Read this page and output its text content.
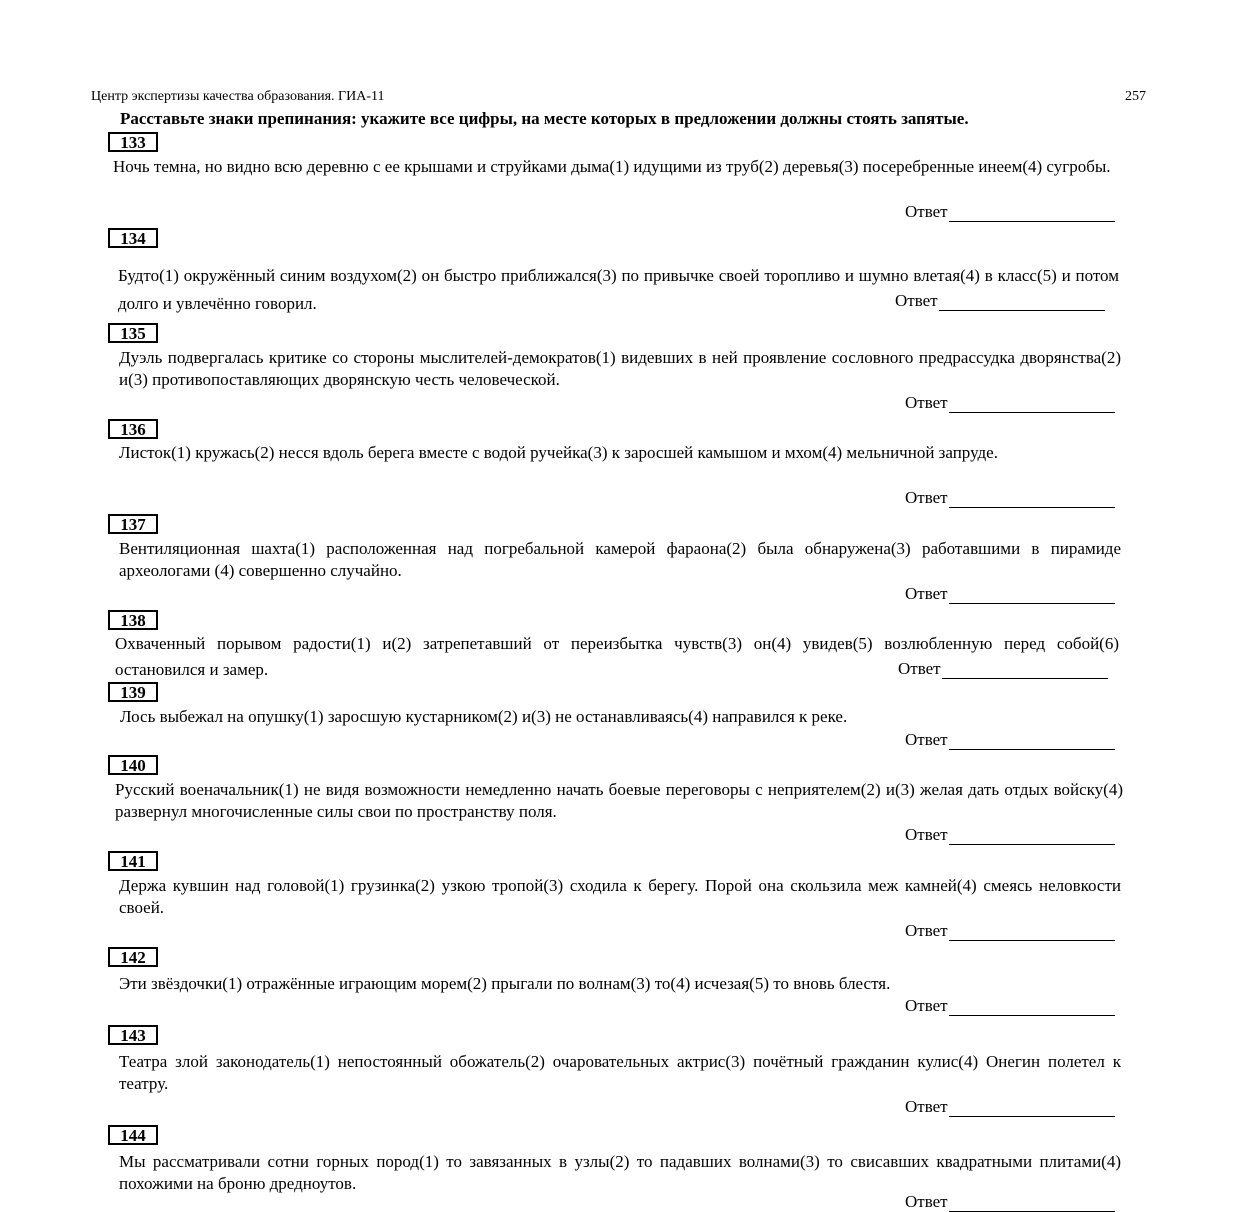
Центр экспертизы качества образования. ГИА-11	257
Расставьте знаки препинания: укажите все цифры, на месте которых в предложении должны стоять запятые.
133
Ночь темна, но видно всю деревню с ее крышами и струйками дыма(1) идущими из труб(2) деревья(3) посеребренные инеем(4) сугробы.
Ответ
134
Будто(1) окружённый синим воздухом(2) он быстро приближался(3) по привычке своей торопливо и шумно влетая(4) в класс(5) и потом долго и увлечённо говорил.	Ответ
135
Дуэль подвергалась критике со стороны мыслителей-демократов(1) видевших в ней проявление сословного предрассудка дворянства(2) и(3) противопоставляющих дворянскую честь человеческой.
Ответ
136
Листок(1) кружась(2) несся вдоль берега вместе с водой ручейка(3) к заросшей камышом и мхом(4) мельничной запруде.
Ответ
137
Вентиляционная шахта(1) расположенная над погребальной камерой фараона(2) была обнаружена(3) работавшими в пирамиде археологами (4) совершенно случайно.
Ответ
138
Охваченный порывом радости(1) и(2) затрепетавший от переизбытка чувств(3) он(4) увидев(5) возлюбленную перед собой(6) остановился и замер.	Ответ
139
Лось выбежал на опушку(1) заросшую кустарником(2) и(3) не останавливаясь(4) направился к реке.
Ответ
140
Русский военачальник(1) не видя возможности немедленно начать боевые переговоры с неприятелем(2) и(3) желая дать отдых войску(4) развернул многочисленные силы свои по пространству поля.
Ответ
141
Держа кувшин над головой(1) грузинка(2) узкою тропой(3) сходила к берегу. Порой она скользила меж камней(4) смеясь неловкости своей.
Ответ
142
Эти звёздочки(1) отражённые играющим морем(2) прыгали по волнам(3) то(4) исчезая(5) то вновь блестя.
Ответ
143
Театра злой законодатель(1) непостоянный обожатель(2) очаровательных актрис(3) почётный гражданин кулис(4) Онегин полетел к театру.
Ответ
144
Мы рассматривали сотни горных пород(1) то завязанных в узлы(2) то падавших волнами(3) то свисавших квадратными плитами(4) похожими на броню дредноутов.
Ответ
